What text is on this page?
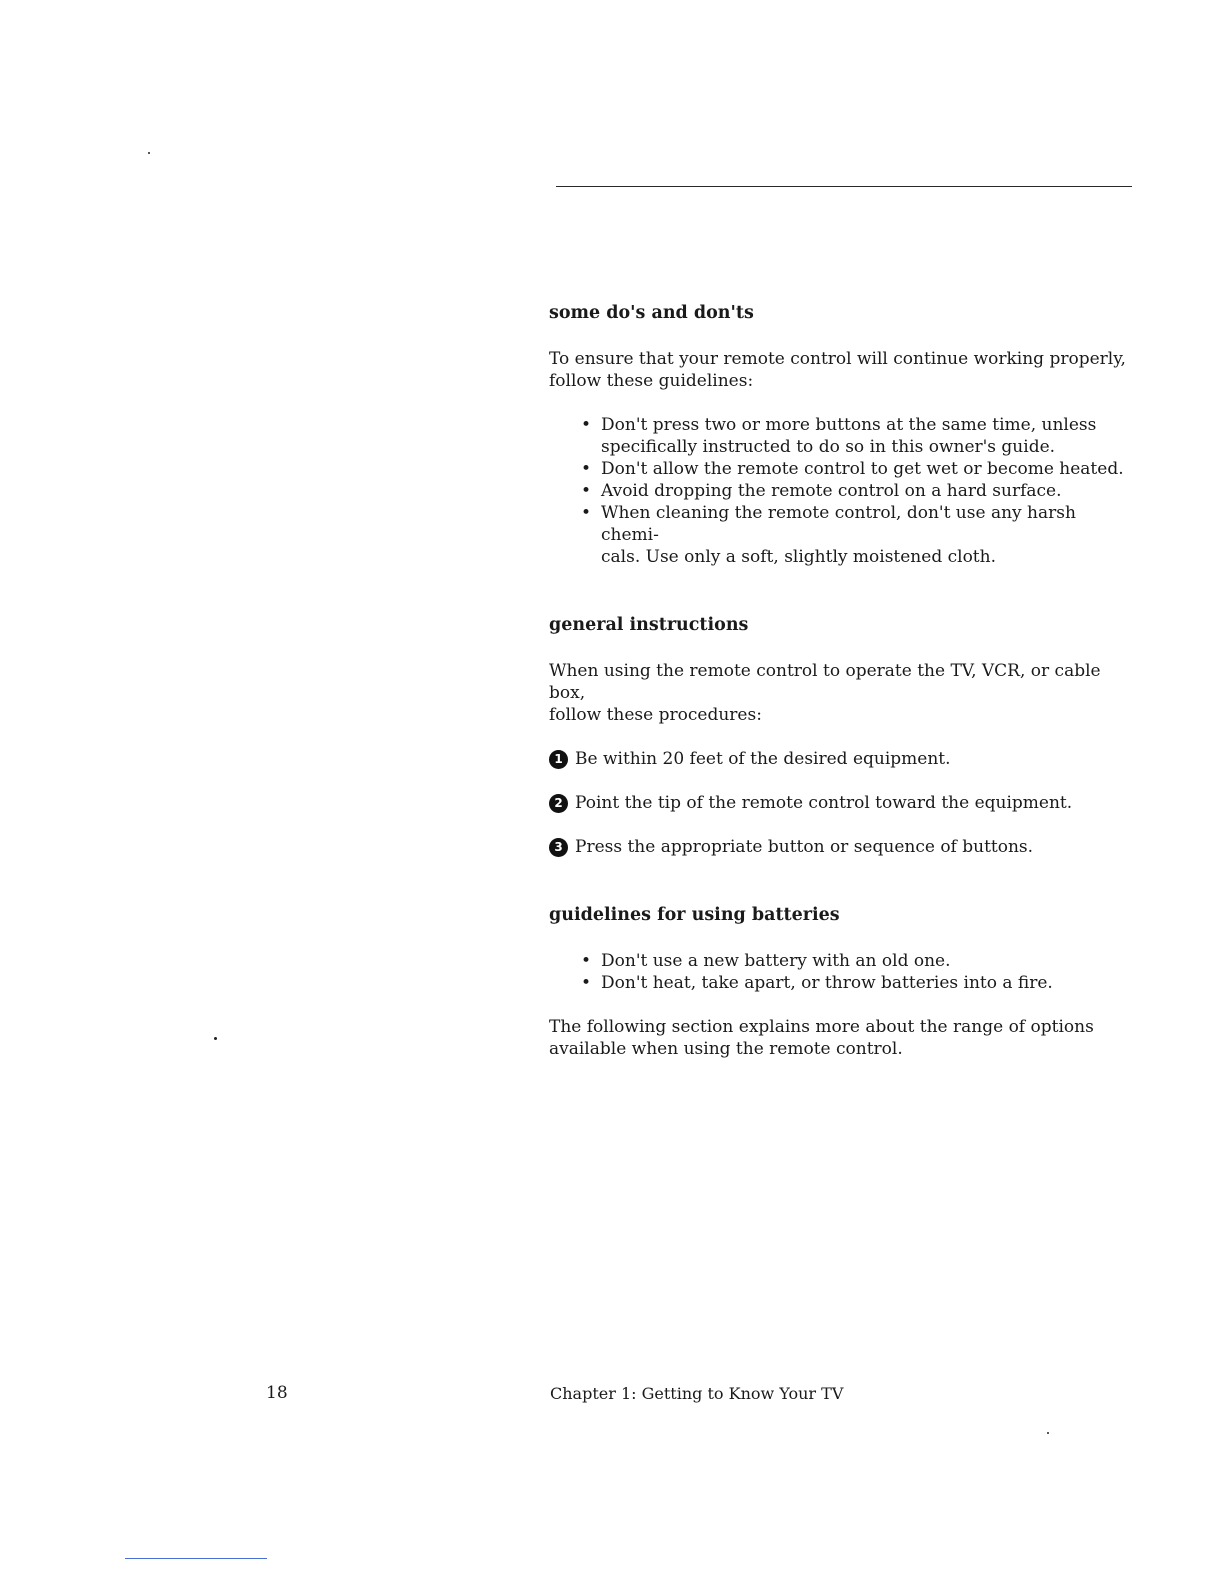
some do's and don'ts

To ensure that your remote control will continue working properly,
follow these guidelines:

• Don't press two or more buttons at the same time, unless
specifically instructed to do so in this owner's guide.
• Don't allow the remote control to get wet or become heated.
• Avoid dropping the remote control on a hard surface.
• When cleaning the remote control, don't use any harsh chemi-
cals. Use only a soft, slightly moistened cloth.
general instructions

When using the remote control to operate the TV, VCR, or cable box,
follow these procedures:

1 Be within 20 feet of the desired equipment.
2 Point the tip of the remote control toward the equipment.
3 Press the appropriate button or sequence of buttons.
guidelines for using batteries
• Don't use a new battery with an old one.
• Don't heat, take apart, or throw batteries into a fire.

The following section explains more about the range of options
available when using the remote control.

18	Chapter 1: Getting to Know Your TV
